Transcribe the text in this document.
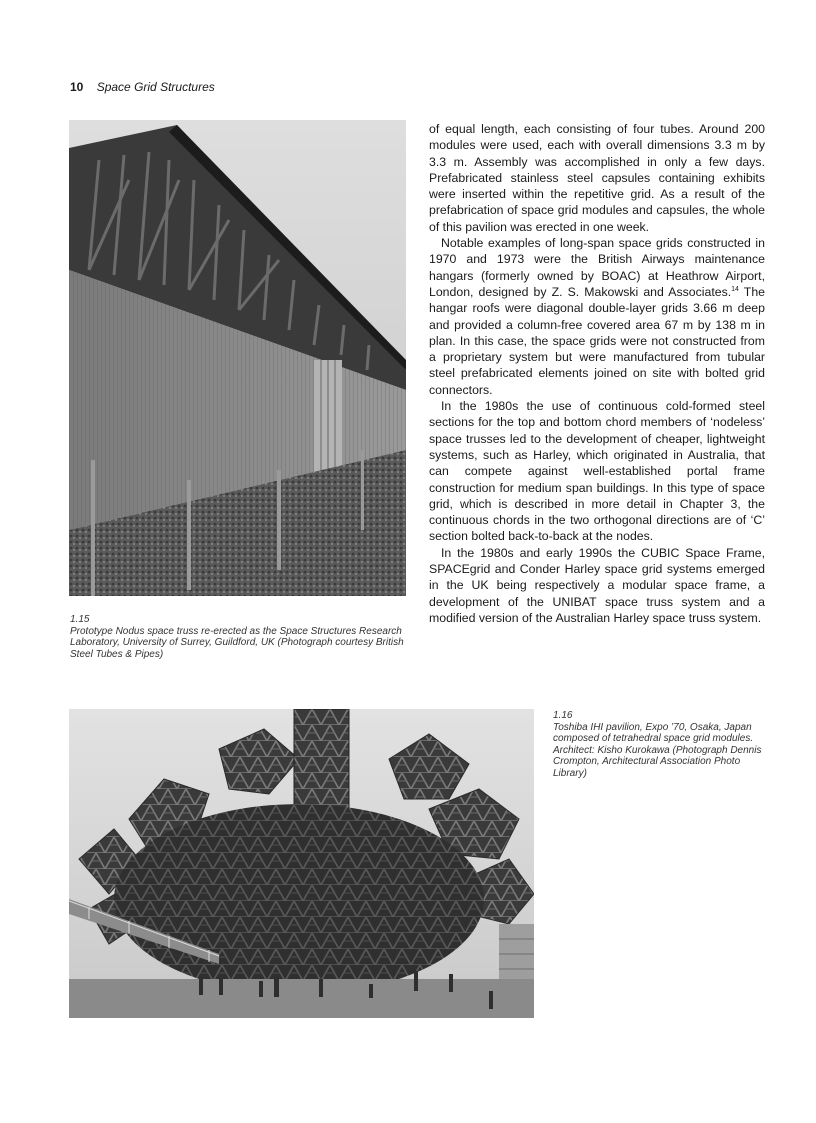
10 Space Grid Structures
1.15
Prototype Nodus space truss re-erected as the Space Structures Research Laboratory, University of Surrey, Guildford, UK (Photograph courtesy British Steel Tubes & Pipes)

of equal length, each consisting of four tubes. Around 200 modules were used, each with overall dimensions 3.3 m by 3.3 m. Assembly was accomplished in only a few days. Prefabricated stainless steel capsules containing exhibits were inserted within the repetitive grid. As a result of the prefabrication of space grid modules and capsules, the whole of this pavilion was erected in one week.

Notable examples of long-span space grids constructed in 1970 and 1973 were the British Airways maintenance hangars (formerly owned by BOAC) at Heathrow Airport, London, designed by Z. S. Makowski and Associates.$^{14}$ The hangar roofs were diagonal double-layer grids 3.66 m deep and provided a column-free covered area 67 m by 138 m in plan. In this case, the space grids were not constructed from a proprietary system but were manufactured from tubular steel prefabricated elements joined on site with bolted grid connectors.

In the 1980s the use of continuous cold-formed steel sections for the top and bottom chord members of ‘nodeless’ space trusses led to the development of cheaper, lightweight systems, such as Harley, which originated in Australia, that can compete against well-established portal frame construction for medium span buildings. In this type of space grid, which is described in more detail in Chapter 3, the continuous chords in the two orthogonal directions are of ‘C’ section bolted back-to-back at the nodes.

In the 1980s and early 1990s the CUBIC Space Frame, SPACEgrid and Conder Harley space grid systems emerged in the UK being respectively a modular space frame, a development of the UNIBAT space truss system and a modified version of the Australian Harley space truss system.

1.16
Toshiba IHI pavilion, Expo ’70, Osaka, Japan composed of tetrahedral space grid modules. Architect: Kisho Kurokawa (Photograph Dennis Crompton, Architectural Association Photo Library)
